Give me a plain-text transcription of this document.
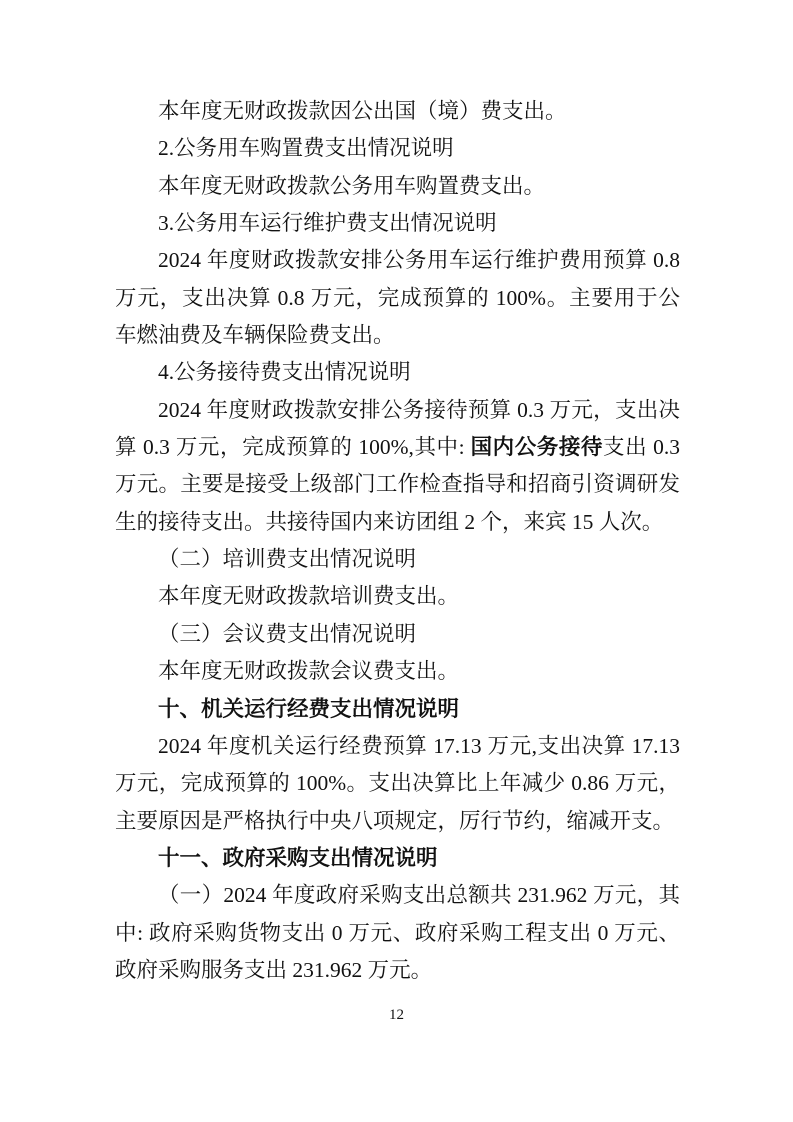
本年度无财政拨款因公出国（境）费支出。

2.公务用车购置费支出情况说明

本年度无财政拨款公务用车购置费支出。

3.公务用车运行维护费支出情况说明

2024 年度财政拨款安排公务用车运行维护费用预算 0.8 万元，支出决算 0.8 万元，完成预算的 100%。主要用于公车燃油费及车辆保险费支出。

4.公务接待费支出情况说明

2024 年度财政拨款安排公务接待预算 0.3 万元，支出决算 0.3 万元，完成预算的 100%,其中: 国内公务接待支出 0.3 万元。主要是接受上级部门工作检查指导和招商引资调研发生的接待支出。共接待国内来访团组 2 个，来宾 15 人次。

（二）培训费支出情况说明

本年度无财政拨款培训费支出。

（三）会议费支出情况说明

本年度无财政拨款会议费支出。

十、机关运行经费支出情况说明

2024 年度机关运行经费预算 17.13 万元,支出决算 17.13 万元，完成预算的 100%。支出决算比上年减少 0.86 万元，主要原因是严格执行中央八项规定，厉行节约，缩减开支。

十一、政府采购支出情况说明

（一）2024 年度政府采购支出总额共 231.962 万元，其中: 政府采购货物支出 0 万元、政府采购工程支出 0 万元、政府采购服务支出 231.962 万元。

12
